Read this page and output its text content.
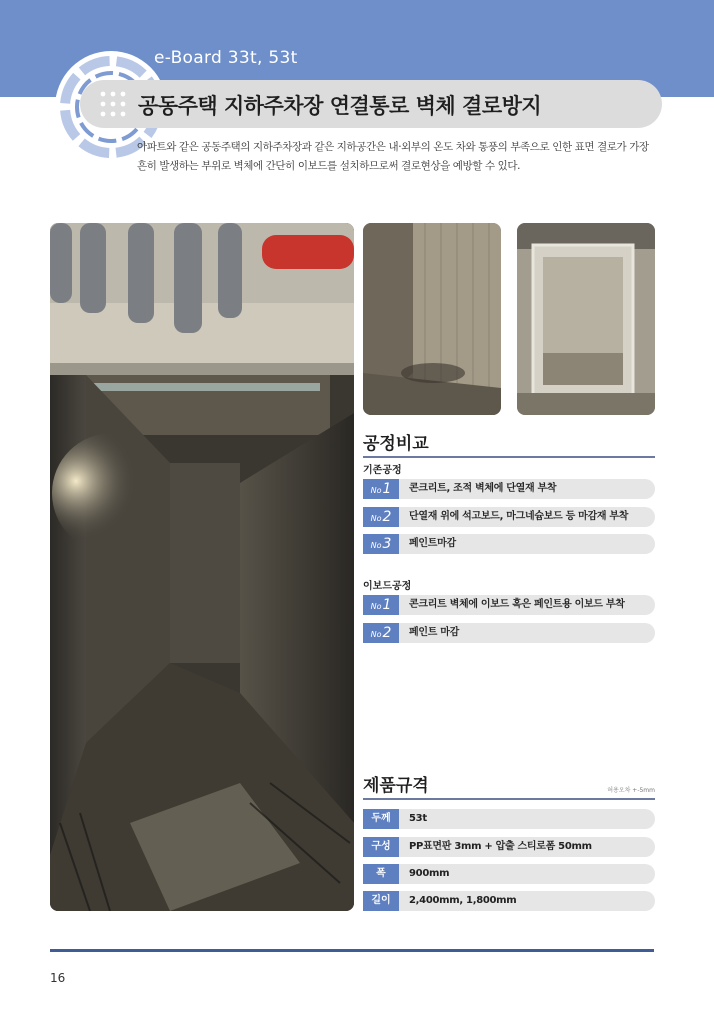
e-Board 33t, 53t
공동주택 지하주차장 연결통로 벽체 결로방지
아파트와 같은 공동주택의 지하주차장과 같은 지하공간은 내·외부의 온도 차와 통풍의 부족으로 인한 표면 결로가 가장 흔히 발생하는 부위로 벽체에 간단히 이보드를 설치하므로써 결로현상을 예방할 수 있다.
공정비교
기존공정
No 1 콘크리트, 조적 벽체에 단열재 부착
No 2 단열재 위에 석고보드, 마그네슘보드 등 마감재 부착
No 3 페인트마감
이보드공정
No 1 콘크리트 벽체에 이보드 혹은 페인트용 이보드 부착
No 2 페인트 마감
제품규격	허용오차 +-5mm
두께	53t
구성	PP표면판 3mm + 압출 스티로폼 50mm
폭	900mm
길이	2,400mm, 1,800mm
16
